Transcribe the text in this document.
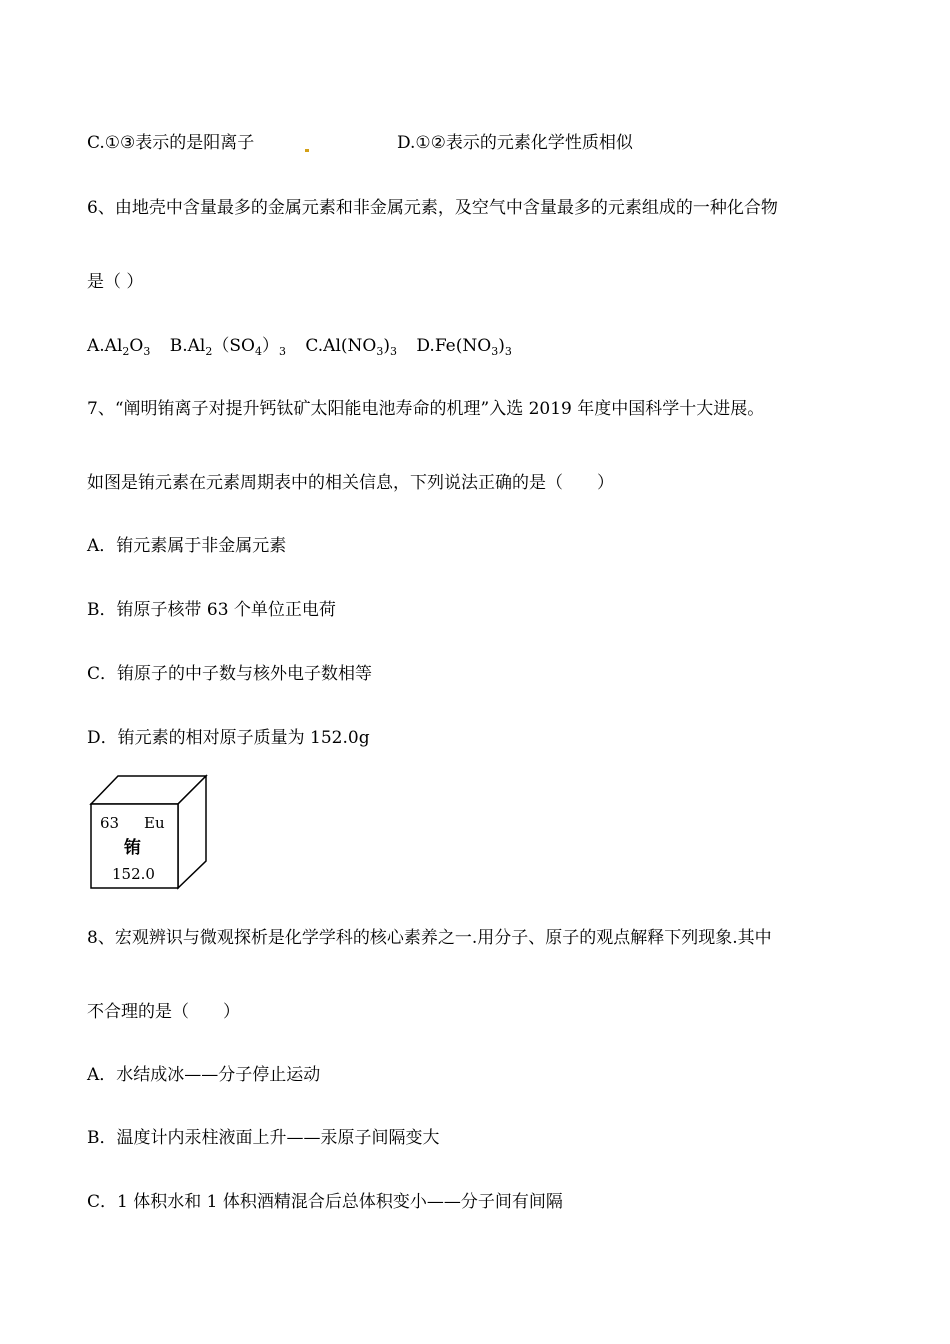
C.①③表示的是阳离子	D.①②表示的元素化学性质相似
6、由地壳中含量最多的金属元素和非金属元素，及空气中含量最多的元素组成的一种化合物
是（ ）
$A.Al_2O_3$ $B.Al_2(SO_4)_3$ $C.Al(NO_3)_3$ $D.Fe(NO_3)_3$
7、“阐明铕离子对提升钙钛矿太阳能电池寿命的机理”入选 2019 年度中国科学十大进展。
如图是铕元素在元素周期表中的相关信息，下列说法正确的是（　　）
A．铕元素属于非金属元素
B．铕原子核带 63 个单位正电荷
C．铕原子的中子数与核外电子数相等
D．铕元素的相对原子质量为 152.0g
63 Eu
铕
152.0
8、宏观辨识与微观探析是化学学科的核心素养之一.用分子、原子的观点解释下列现象.其中
不合理的是（　　）
A．水结成冰——分子停止运动
B．温度计内汞柱液面上升——汞原子间隔变大
C．1 体积水和 1 体积酒精混合后总体积变小——分子间有间隔
